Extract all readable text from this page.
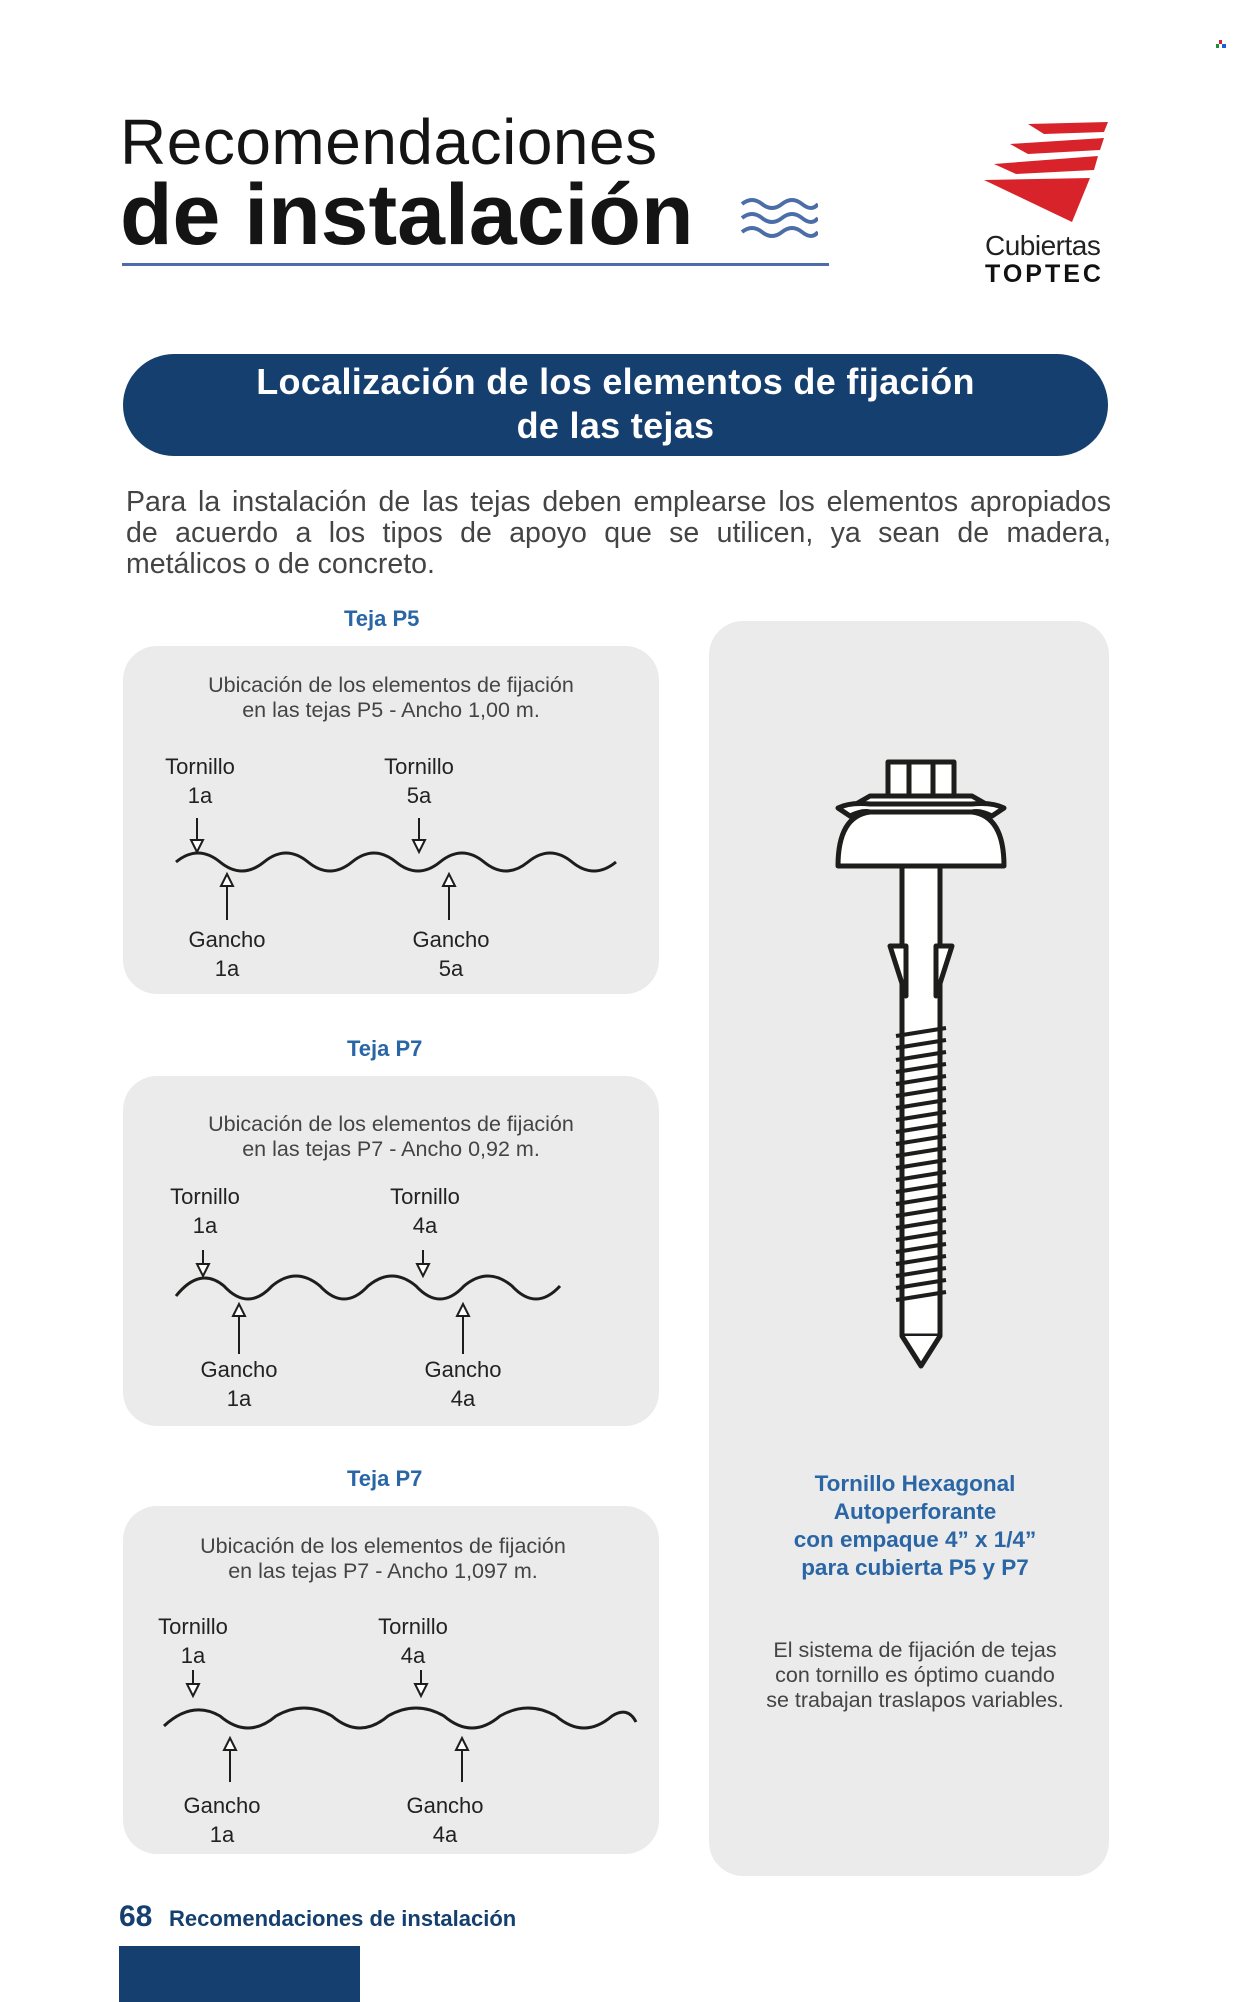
Recomendaciones
de instalación	Cubiertas
TOPTEC
Localización de los elementos de fijación
de las tejas
Para la instalación de las tejas deben emplearse los elementos apropiados de acuerdo a los tipos de apoyo que se utilicen, ya sean de madera, metálicos o de concreto.
Teja P5
Ubicación de los elementos de fijación
en las tejas P5 - Ancho 1,00 m.
Tornillo
1a
Tornillo
5a
Gancho
1a
Gancho
5a
Teja P7
Ubicación de los elementos de fijación
en las tejas P7 - Ancho 0,92 m.
Tornillo
1a
Tornillo
4a
Gancho
1a
Gancho
4a
Teja P7
Ubicación de los elementos de fijación
en las tejas P7 - Ancho 1,097 m.
Tornillo
1a
Tornillo
4a
Gancho
1a
Gancho
4a
Tornillo Hexagonal
Autoperforante
con empaque 4” x 1/4”
para cubierta P5 y P7
El sistema de fijación de tejas
con tornillo es óptimo cuando
se trabajan traslapos variables.
68 Recomendaciones de instalación
